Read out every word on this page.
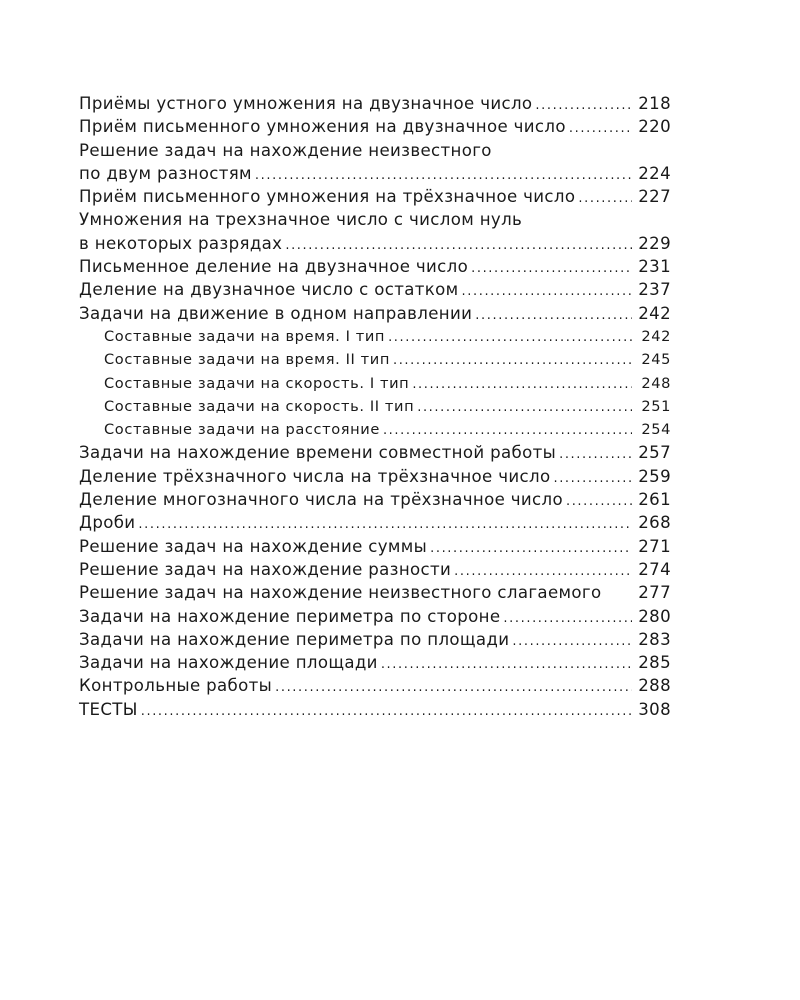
Приёмы устного умножения на двузначное число .....	218
Приём письменного умножения на двузначное число .....	220
Решение задач на нахождение неизвестного
по двум разностям .....	224
Приём письменного умножения на трёхзначное число .....	227
Умножения на трехзначное число с числом нуль
в некоторых разрядах .....	229
Письменное деление на двузначное число .....	231
Деление на двузначное число с остатком .....	237
Задачи на движение в одном направлении .....	242
Составные задачи на время. I тип .....	242
Составные задачи на время. II тип .....	245
Составные задачи на скорость. I тип .....	248
Составные задачи на скорость. II тип .....	251
Составные задачи на расстояние .....	254
Задачи на нахождение времени совместной работы .....	257
Деление трёхзначного числа на трёхзначное число .....	259
Деление многозначного числа на трёхзначное число .....	261
Дроби .....	268
Решение задач на нахождение суммы .....	271
Решение задач на нахождение разности .....	274
Решение задач на нахождение неизвестного слагаемого 277
Задачи на нахождение периметра по стороне .....	280
Задачи на нахождение периметра по площади .....	283
Задачи на нахождение площади .....	285
Контрольные работы .....	288
ТЕСТЫ .....	308
